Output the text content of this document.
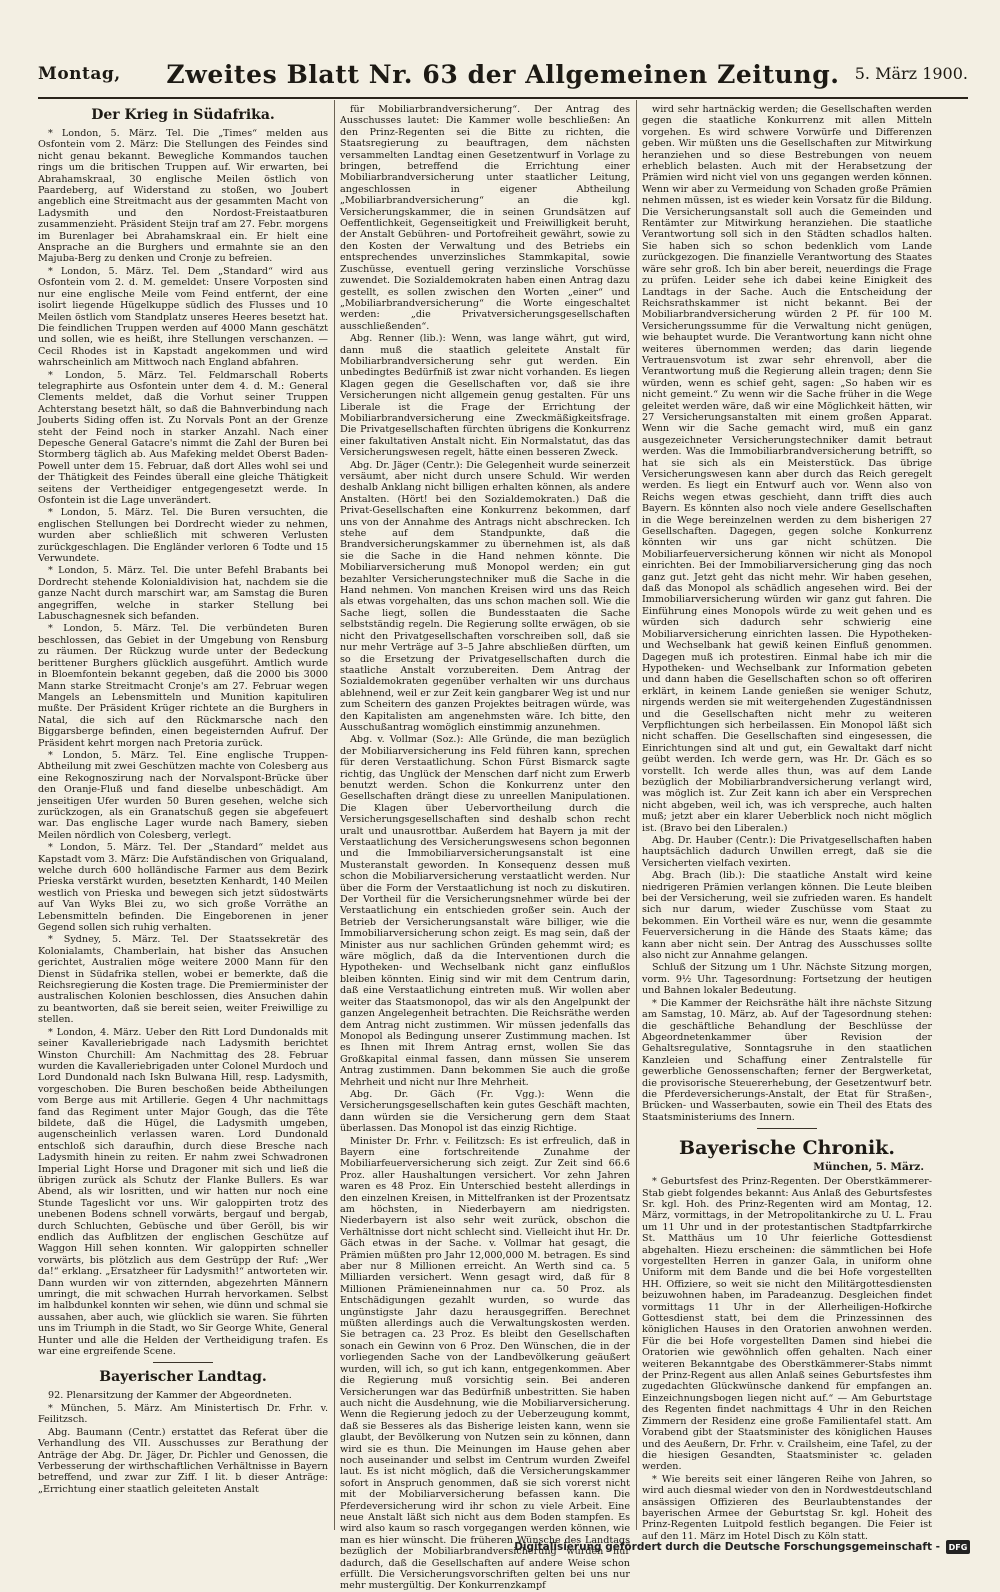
Montag,	Zweites Blatt Nr. 63 der Allgemeinen Zeitung. 5. März 1900.
Der Krieg in Südafrika.

* London, 5. März. Tel. Die „Times“ melden aus Osfontein vom 2. März: Die Stellungen des Feindes sind nicht genau bekannt. Bewegliche Kommandos tauchen rings um die britischen Truppen auf. Wir erwarten, bei Abrahamskraal, 30 englische Meilen östlich von Paardeberg, auf Widerstand zu stoßen, wo Joubert angeblich eine Streitmacht aus der gesammten Macht von Ladysmith und den Nordost-Freistaatburen zusammenzieht. Präsident Steijn traf am 27. Febr. morgens im Burenlager bei Abrahamskraal ein. Er hielt eine Ansprache an die Burghers und ermahnte sie an den Majuba-Berg zu denken und Cronje zu befreien.

* London, 5. März. Tel. Dem „Standard“ wird aus Osfontein vom 2. d. M. gemeldet: Unsere Vorposten sind nur eine englische Meile vom Feind entfernt, der eine isolirt liegende Hügelkuppe südlich des Flusses und 10 Meilen östlich vom Standplatz unseres Heeres besetzt hat. Die feindlichen Truppen werden auf 4000 Mann geschätzt und sollen, wie es heißt, ihre Stellungen verschanzen. — Cecil Rhodes ist in Kapstadt angekommen und wird wahrscheinlich am Mittwoch nach England abfahren.

* London, 5. März. Tel. Feldmarschall Roberts telegraphirte aus Osfontein unter dem 4. d. M.: General Clements meldet, daß die Vorhut seiner Truppen Achterstang besetzt hält, so daß die Bahnverbindung nach Jouberts Siding offen ist. Zu Norvals Pont an der Grenze steht der Feind noch in starker Anzahl. Nach einer Depesche General Gatacre's nimmt die Zahl der Buren bei Stormberg täglich ab. Aus Mafeking meldet Oberst Baden-Powell unter dem 15. Februar, daß dort Alles wohl sei und der Thätigkeit des Feindes überall eine gleiche Thätigkeit seitens der Vertheidiger entgegengesetzt werde. In Osfontein ist die Lage unverändert.

* London, 5. März. Tel. Die Buren versuchten, die englischen Stellungen bei Dordrecht wieder zu nehmen, wurden aber schließlich mit schweren Verlusten zurückgeschlagen. Die Engländer verloren 6 Todte und 15 Verwundete.

* London, 5. März. Tel. Die unter Befehl Brabants bei Dordrecht stehende Kolonialdivision hat, nachdem sie die ganze Nacht durch marschirt war, am Samstag die Buren angegriffen, welche in starker Stellung bei Labuschagnesnek sich befanden.

* London, 5. März. Tel. Die verbündeten Buren beschlossen, das Gebiet in der Umgebung von Rensburg zu räumen. Der Rückzug wurde unter der Bedeckung berittener Burghers glücklich ausgeführt. Amtlich wurde in Bloemfontein bekannt gegeben, daß die 2000 bis 3000 Mann starke Streitmacht Cronje's am 27. Februar wegen Mangels an Lebensmitteln und Munition kapituliren mußte. Der Präsident Krüger richtete an die Burghers in Natal, die sich auf den Rückmarsche nach den Biggarsberge befinden, einen begeisternden Aufruf. Der Präsident kehrt morgen nach Pretoria zurück.

* London, 5. März. Tel. Eine englische Truppen-Abtheilung mit zwei Geschützen machte von Colesberg aus eine Rekognoszirung nach der Norvalspont-Brücke über den Oranje-Fluß und fand dieselbe unbeschädigt. Am jenseitigen Ufer wurden 50 Buren gesehen, welche sich zurückzogen, als ein Granatschuß gegen sie abgefeuert war. Das englische Lager wurde nach Bamery, sieben Meilen nördlich von Colesberg, verlegt.

* London, 5. März. Tel. Der „Standard“ meldet aus Kapstadt vom 3. März: Die Aufständischen von Griqualand, welche durch 600 holländische Farmer aus dem Bezirk Prieska verstärkt wurden, besetzten Kenhardt, 140 Meilen westlich von Prieska und bewegen sich jetzt südostwärts auf Van Wyks Blei zu, wo sich große Vorräthe an Lebensmitteln befinden. Die Eingeborenen in jener Gegend sollen sich ruhig verhalten.

* Sydney, 5. März. Tel. Der Staatssekretär des Kolonialamts, Chamberlain, hat bisher das Ansuchen gerichtet, Australien möge weitere 2000 Mann für den Dienst in Südafrika stellen, wobei er bemerkte, daß die Reichsregierung die Kosten trage. Die Premierminister der australischen Kolonien beschlossen, dies Ansuchen dahin zu beantworten, daß sie bereit seien, weiter Freiwillige zu stellen.

* London, 4. März. Ueber den Ritt Lord Dundonalds mit seiner Kavalleriebrigade nach Ladysmith berichtet Winston Churchill: Am Nachmittag des 28. Februar wurden die Kavalleriebrigaden unter Colonel Murdoch und Lord Dundonald nach Iskn Bulwana Hill, resp. Ladysmith, vorgeschoben. Die Buren beschoßen beide Abtheilungen vom Berge aus mit Artillerie. Gegen 4 Uhr nachmittags fand das Regiment unter Major Gough, das die Tête bildete, daß die Hügel, die Ladysmith umgeben, augenscheinlich verlassen waren. Lord Dundonald entschloß sich daraufhin, durch diese Bresche nach Ladysmith hinein zu reiten. Er nahm zwei Schwadronen Imperial Light Horse und Dragoner mit sich und ließ die übrigen zurück als Schutz der Flanke Bullers. Es war Abend, als wir losritten, und wir hatten nur noch eine Stunde Tageslicht vor uns. Wir galoppirten trotz des unebenen Bodens schnell vorwärts, bergauf und bergab, durch Schluchten, Gebüsche und über Geröll, bis wir endlich das Aufblitzen der englischen Geschütze auf Waggon Hill sehen konnten. Wir galoppirten schneller vorwärts, bis plötzlich aus dem Gestrüpp der Ruf: „Wer da!“ erklang. „Ersatzheer für Ladysmith!“ antworteten wir. Dann wurden wir von zitternden, abgezehrten Männern umringt, die mit schwachen Hurrah hervorkamen. Selbst im halbdunkel konnten wir sehen, wie dünn und schmal sie aussahen, aber auch, wie glücklich sie waren. Sie führten uns im Triumph in die Stadt, wo Sir George White, General Hunter und alle die Helden der Vertheidigung trafen. Es war eine ergreifende Scene.

Bayerischer Landtag.

92. Plenarsitzung der Kammer der Abgeordneten.

* München, 5. März. Am Ministertisch Dr. Frhr. v. Feilitzsch.

Abg. Baumann (Centr.) erstattet das Referat über die Verhandlung des VII. Ausschusses zur Berathung der Anträge der Abg. Dr. Jäger, Dr. Pichler und Genossen, die Verbesserung der wirthschaftlichen Verhältnisse in Bayern betreffend, und zwar zur Ziff. I lit. b dieser Anträge: „Errichtung einer staatlich geleiteten Anstalt

für Mobiliarbrandversicherung“. Der Antrag des Ausschusses lautet: Die Kammer wolle beschließen: An den Prinz-Regenten sei die Bitte zu richten, die Staatsregierung zu beauftragen, dem nächsten versammelten Landtag einen Gesetzentwurf in Vorlage zu bringen, betreffend die Errichtung einer Mobiliarbrandversicherung unter staatlicher Leitung, angeschlossen in eigener Abtheilung „Mobiliarbrandversicherung“ an die kgl. Versicherungskammer, die in seinen Grundsätzen auf Oeffentlichkeit, Gegenseitigkeit und Freiwilligkeit beruht, der Anstalt Gebühren- und Portofreiheit gewährt, sowie zu den Kosten der Verwaltung und des Betriebs ein entsprechendes unverzinsliches Stammkapital, sowie Zuschüsse, eventuell gering verzinsliche Vorschüsse zuwendet. Die Sozialdemokraten haben einen Antrag dazu gestellt, es sollen zwischen den Worten „einer“ und „Mobiliarbrandversicherung“ die Worte eingeschaltet werden: „die Privatversicherungsgesellschaften ausschließenden“.

Abg. Renner (lib.): Wenn, was lange währt, gut wird, dann muß die staatlich geleitete Anstalt für Mobiliarbrandversicherung sehr gut werden. Ein unbedingtes Bedürfniß ist zwar nicht vorhanden. Es liegen Klagen gegen die Gesellschaften vor, daß sie ihre Versicherungen nicht allgemein genug gestalten. Für uns Liberale ist die Frage der Errichtung der Mobiliarbrandversicherung eine Zweckmäßigkeitsfrage. Die Privatgesellschaften fürchten übrigens die Konkurrenz einer fakultativen Anstalt nicht. Ein Normalstatut, das das Versicherungswesen regelt, hätte einen besseren Zweck.

Abg. Dr. Jäger (Centr.): Die Gelegenheit wurde seinerzeit versäumt, aber nicht durch unsere Schuld. Wir werden deshalb Anklang nicht billigen erhalten können, als andere Anstalten. (Hört! bei den Sozialdemokraten.) Daß die Privat-Gesellschaften eine Konkurrenz bekommen, darf uns von der Annahme des Antrags nicht abschrecken. Ich stehe auf dem Standpunkte, daß die Brandversicherungskammer zu übernehmen ist, als daß sie die Sache in die Hand nehmen könnte. Die Mobiliarversicherung muß Monopol werden; ein gut bezahlter Versicherungstechniker muß die Sache in die Hand nehmen. Von manchen Kreisen wird uns das Reich als etwas vorgehalten, das uns schon machen soll. Wie die Sache liegt, sollen die Bundesstaaten die Sache selbstständig regeln. Die Regierung sollte erwägen, ob sie nicht den Privatgesellschaften vorschreiben soll, daß sie nur mehr Verträge auf 3–5 Jahre abschließen dürften, um so die Ersetzung der Privatgesellschaften durch die staatliche Anstalt vorzubereiten. Dem Antrag der Sozialdemokraten gegenüber verhalten wir uns durchaus ablehnend, weil er zur Zeit kein gangbarer Weg ist und nur zum Scheitern des ganzen Projektes beitragen würde, was den Kapitalisten am angenehmsten wäre. Ich bitte, den Ausschußantrag womöglich einstimmig anzunehmen.

Abg. v. Vollmar (Soz.): Alle Gründe, die man bezüglich der Mobiliarversicherung ins Feld führen kann, sprechen für deren Verstaatlichung. Schon Fürst Bismarck sagte richtig, das Unglück der Menschen darf nicht zum Erwerb benutzt werden. Schon die Konkurrenz unter den Gesellschaften drängt diese zu unreellen Manipulationen. Die Klagen über Uebervortheilung durch die Versicherungsgesellschaften sind deshalb schon recht uralt und unausrottbar. Außerdem hat Bayern ja mit der Verstaatlichung des Versicherungswesens schon begonnen und die Immobiliarversicherungsanstalt ist eine Musteranstalt geworden. In Konsequenz dessen muß schon die Mobiliarversicherung verstaatlicht werden. Nur über die Form der Verstaatlichung ist noch zu diskutiren. Der Vortheil für die Versicherungsnehmer würde bei der Verstaatlichung ein entschieden großer sein. Auch der Betrieb der Versicherungsanstalt wäre billiger, wie die Immobiliarversicherung schon zeigt. Es mag sein, daß der Minister aus nur sachlichen Gründen gehemmt wird; es wäre möglich, daß da die Interventionen durch die Hypotheken- und Wechselbank nicht ganz einflußlos bleiben könnten. Einig sind wir mit dem Centrum darin, daß eine Verstaatlichung eintreten muß. Wir wollen aber weiter das Staatsmonopol, das wir als den Angelpunkt der ganzen Angelegenheit betrachten. Die Reichsräthe werden dem Antrag nicht zustimmen. Wir müssen jedenfalls das Monopol als Bedingung unserer Zustimmung machen. Ist es Ihnen mit Ihrem Antrag ernst, wollen Sie das Großkapital einmal fassen, dann müssen Sie unserem Antrag zustimmen. Dann bekommen Sie auch die große Mehrheit und nicht nur Ihre Mehrheit.

Abg. Dr. Gäch (Fr. Vgg.): Wenn die Versicherungsgesellschaften kein gutes Geschäft machten, dann würden sie die Versicherung gern dem Staat überlassen. Das Monopol ist das einzig Richtige.

Minister Dr. Frhr. v. Feilitzsch: Es ist erfreulich, daß in Bayern eine fortschreitende Zunahme der Mobiliarfeuerversicherung sich zeigt. Zur Zeit sind 66.6 Proz. aller Haushaltungen versichert. Vor zehn Jahren waren es 48 Proz. Ein Unterschied besteht allerdings in den einzelnen Kreisen, in Mittelfranken ist der Prozentsatz am höchsten, in Niederbayern am niedrigsten. Niederbayern ist also sehr weit zurück, obschon die Verhältnisse dort nicht schlecht sind. Vielleicht ihut Hr. Dr. Gäch etwas in der Sache. v. Vollmar hat gesagt, die Prämien müßten pro Jahr 12,000,000 M. betragen. Es sind aber nur 8 Millionen erreicht. An Werth sind ca. 5 Milliarden versichert. Wenn gesagt wird, daß für 8 Millionen Prämieneinnahmen nur ca. 50 Proz. als Entschädigungen gezahlt wurden, so wurde das ungünstigste Jahr dazu herausgegriffen. Berechnet müßten allerdings auch die Verwaltungskosten werden. Sie betragen ca. 23 Proz. Es bleibt den Gesellschaften sonach ein Gewinn von 6 Proz. Den Wünschen, die in der vorliegenden Sache von der Landbevölkerung geäußert wurden, will ich, so gut ich kann, entgegenkommen. Aber die Regierung muß vorsichtig sein. Bei anderen Versicherungen war das Bedürfniß unbestritten. Sie haben auch nicht die Ausdehnung, wie die Mobiliarversicherung. Wenn die Regierung jedoch zu der Ueberzeugung kommt, daß sie Besseres als das Bisherige leisten kann, wenn sie glaubt, der Bevölkerung von Nutzen sein zu können, dann wird sie es thun. Die Meinungen im Hause gehen aber noch auseinander und selbst im Centrum wurden Zweifel laut. Es ist nicht möglich, daß die Versicherungskammer sofort in Anspruch genommen, daß sie sich vorerst nicht mit der Mobiliarversicherung befassen kann. Die Pferdeversicherung wird ihr schon zu viele Arbeit. Eine neue Anstalt läßt sich nicht aus dem Boden stampfen. Es wird also kaum so rasch vorgegangen werden können, wie man es hier wünscht. Die früheren Wünsche des Landtags bezüglich der Mobiliarbrandversicherung wurden nur dadurch, daß die Gesellschaften auf andere Weise schon erfüllt. Die Versicherungsvorschriften gelten bei uns nur mehr mustergültig. Der Konkurrenzkampf

wird sehr hartnäckig werden; die Gesellschaften werden gegen die staatliche Konkurrenz mit allen Mitteln vorgehen. Es wird schwere Vorwürfe und Differenzen geben. Wir müßten uns die Gesellschaften zur Mitwirkung heranziehen und so diese Bestrebungen von neuem erheblich belasten. Auch mit der Herabsetzung der Prämien wird nicht viel von uns gegangen werden können. Wenn wir aber zu Vermeidung von Schaden große Prämien nehmen müssen, ist es wieder kein Vorsatz für die Bildung. Die Versicherungsanstalt soll auch die Gemeinden und Rentämter zur Mitwirkung heranziehen. Die staatliche Verantwortung soll sich in den Städten schadlos halten. Sie haben sich so schon bedenklich vom Lande zurückgezogen. Die finanzielle Verantwortung des Staates wäre sehr groß. Ich bin aber bereit, neuerdings die Frage zu prüfen. Leider sehe ich dabei keine Einigkeit des Landtags in der Sache. Auch die Entscheidung der Reichsrathskammer ist nicht bekannt. Bei der Mobiliarbrandversicherung würden 2 Pf. für 100 M. Versicherungssumme für die Verwaltung nicht genügen, wie behauptet wurde. Die Verantwortung kann nicht ohne weiteres übernommen werden; das darin liegende Vertrauensvotum ist zwar sehr ehrenvoll, aber die Verantwortung muß die Regierung allein tragen; denn Sie würden, wenn es schief geht, sagen: „So haben wir es nicht gemeint.“ Zu wenn wir die Sache früher in die Wege geleitet werden wäre, daß wir eine Möglichkeit hätten, wir 27 Versicherungsanstalten mit einem großen Apparat. Wenn wir die Sache gemacht wird, muß ein ganz ausgezeichneter Versicherungstechniker damit betraut werden. Was die Immobiliarbrandversicherung betrifft, so hat sie sich als ein Meisterstück. Das übrige Versicherungswesen kann aber durch das Reich geregelt werden. Es liegt ein Entwurf auch vor. Wenn also von Reichs wegen etwas geschieht, dann trifft dies auch Bayern. Es könnten also noch viele andere Gesellschaften in die Wege bereinzelnen werden zu dem bisherigen 27 Gesellschaften. Dagegen, gegen solche Konkurrenz könnten wir uns gar nicht schützen. Die Mobiliarfeuerversicherung können wir nicht als Monopol einrichten. Bei der Immobiliarversicherung ging das noch ganz gut. Jetzt geht das nicht mehr. Wir haben gesehen, daß das Monopol als schädlich angesehen wird. Bei der Immobiliarversicherung würden wir ganz gut fahren. Die Einführung eines Monopols würde zu weit gehen und es würden sich dadurch sehr schwierig eine Mobiliarversicherung einrichten lassen. Die Hypotheken- und Wechselbank hat gewiß keinen Einfluß genommen. Dagegen muß ich protestiren. Einmal habe ich mir die Hypotheken- und Wechselbank zur Information gebeten und dann haben die Gesellschaften schon so oft offeriren erklärt, in keinem Lande genießen sie weniger Schutz, nirgends werden sie mit weitergehenden Zugeständnissen und die Gesellschaften nicht mehr zu weiteren Verpflichtungen sich herbeilassen. Ein Monopol läßt sich nicht schaffen. Die Gesellschaften sind eingesessen, die Einrichtungen sind alt und gut, ein Gewaltakt darf nicht geübt werden. Ich werde gern, was Hr. Dr. Gäch es so vorstellt. Ich werde alles thun, was auf dem Lande bezüglich der Mobiliarbrandversicherung verlangt wird, was möglich ist. Zur Zeit kann ich aber ein Versprechen nicht abgeben, weil ich, was ich verspreche, auch halten muß; jetzt aber ein klarer Ueberblick noch nicht möglich ist. (Bravo bei den Liberalen.)

Abg. Dr. Hauber (Centr.): Die Privatgesellschaften haben hauptsächlich dadurch Unwillen erregt, daß sie die Versicherten vielfach vexirten.

Abg. Brach (lib.): Die staatliche Anstalt wird keine niedrigeren Prämien verlangen können. Die Leute bleiben bei der Versicherung, weil sie zufrieden waren. Es handelt sich nur darum, wieder Zuschüsse vom Staat zu bekommen. Ein Vortheil wäre es nur, wenn die gesammte Feuerversicherung in die Hände des Staats käme; das kann aber nicht sein. Der Antrag des Ausschusses sollte also nicht zur Annahme gelangen.

Schluß der Sitzung um 1 Uhr. Nächste Sitzung morgen, vorm. 9½ Uhr. Tagesordnung: Fortsetzung der heutigen und Bahnen lokaler Bedeutung.

* Die Kammer der Reichsräthe hält ihre nächste Sitzung am Samstag, 10. März, ab. Auf der Tagesordnung stehen: die geschäftliche Behandlung der Beschlüsse der Abgeordnetenkammer über Revision der Gehaltsregulative, Sonntagsruhe in den staatlichen Kanzleien und Schaffung einer Zentralstelle für gewerbliche Genossenschaften; ferner der Bergwerketat, die provisorische Steuererhebung, der Gesetzentwurf betr. die Pferdeversicherungs-Anstalt, der Etat für Straßen-, Brücken- und Wasserbauten, sowie ein Theil des Etats des Staatsministeriums des Innern.

Bayerische Chronik.
München, 5. März.

* Geburtsfest des Prinz-Regenten. Der Oberstkämmerer-Stab giebt folgendes bekannt: Aus Anlaß des Geburtsfestes Sr. kgl. Hoh. des Prinz-Regenten wird am Montag, 12. März, vormittags, in der Metropolitankirche zu U. L. Frau um 11 Uhr und in der protestantischen Stadtpfarrkirche St. Matthäus um 10 Uhr feierliche Gottesdienst abgehalten. Hiezu erscheinen: die sämmtlichen bei Hofe vorgestellten Herren in ganzer Gala, in uniform ohne Uniform mit dem Bande und die bei Hofe vorgestellten HH. Offiziere, so weit sie nicht den Militärgottesdiensten beizuwohnen haben, im Paradeanzug. Desgleichen findet vormittags 11 Uhr in der Allerheiligen-Hofkirche Gottesdienst statt, bei dem die Prinzessinnen des königlichen Hauses in den Oratorien anwohnen werden. Für die bei Hofe vorgestellten Damen sind hiebei die Oratorien wie gewöhnlich offen gehalten. Nach einer weiteren Bekanntgabe des Oberstkämmerer-Stabs nimmt der Prinz-Regent aus allen Anlaß seines Geburtsfestes ihm zugedachten Glückwünsche dankend für empfangen an. Einzeichnungsbogen liegen nicht auf.“ — Am Geburtstage des Regenten findet nachmittags 4 Uhr in den Reichen Zimmern der Residenz eine große Familientafel statt. Am Vorabend gibt der Staatsminister des königlichen Hauses und des Aeußern, Dr. Frhr. v. Crailsheim, eine Tafel, zu der die hiesigen Gesandten, Staatsminister ꝛc. geladen werden.

* Wie bereits seit einer längeren Reihe von Jahren, so wird auch diesmal wieder von den in Nordwestdeutschland ansässigen Offizieren des Beurlaubtenstandes der bayerischen Armee der Geburtstag Sr. kgl. Hoheit des Prinz-Regenten Luitpold festlich begangen. Die Feier ist auf den 11. März im Hotel Disch zu Köln statt.

Digitalisierung gefördert durch die Deutsche Forschungsgemeinschaft -	DFG
